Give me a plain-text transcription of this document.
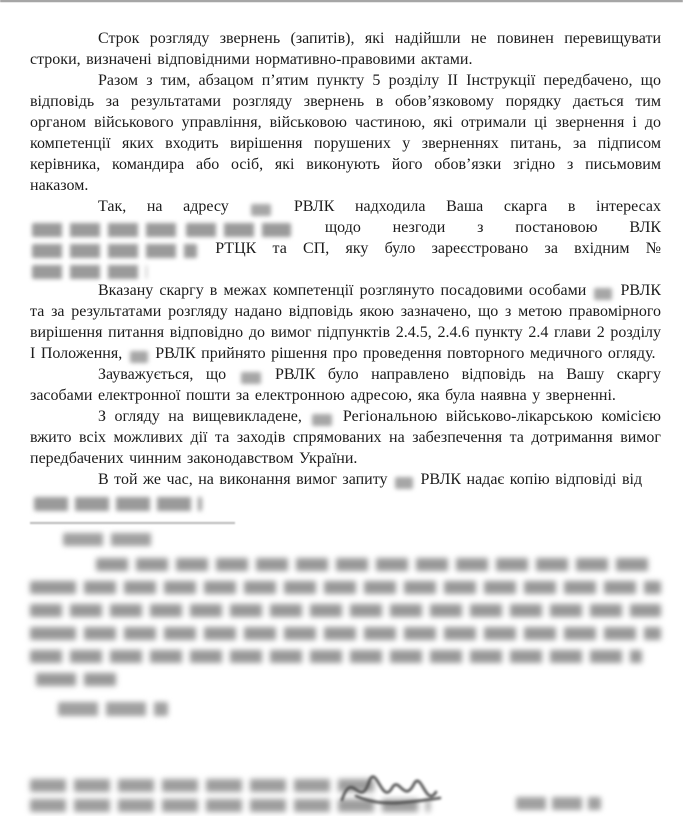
Строк розгляду звернень (запитів), які надійшли не повинен перевищувати строки, визначені відповідними нормативно-правовими актами.

Разом з тим, абзацом п’ятим пункту 5 розділу ІІ Інструкції передбачено, що відповідь за результатами розгляду звернень в обов’язковому порядку дається тим органом військового управління, військовою частиною, які отримали ці звернення і до компетенції яких входить вирішення порушених у зверненнях питань, за підписом керівника, командира або осіб, які виконують його обов’язки згідно з письмовим наказом.

Так, на адресу  РВЛК надходила Ваша скарга в інтересах  щодо незгоди з постановою ВЛК  РТЦК та СП, яку було зареєстровано за вхідним №

Вказану скаргу в межах компетенції розглянуто посадовими особами  РВЛК та за результатами розгляду надано відповідь якою зазначено, що з метою правомірного вирішення питання відповідно до вимог підпунктів 2.4.5, 2.4.6 пункту 2.4 глави 2 розділу І Положення,  РВЛК прийнято рішення про проведення повторного медичного огляду.

Зауважується, що  РВЛК було направлено відповідь на Вашу скаргу засобами електронної пошти за електронною адресою, яка була наявна у зверненні.

З огляду на вищевикладене,  Регіональною військово-лікарською комісією вжито всіх можливих дії та заходів спрямованих на забезпечення та дотримання вимог передбачених чинним законодавством України.

В той же час, на виконання вимог запиту  РВЛК надає копію відповіді від
